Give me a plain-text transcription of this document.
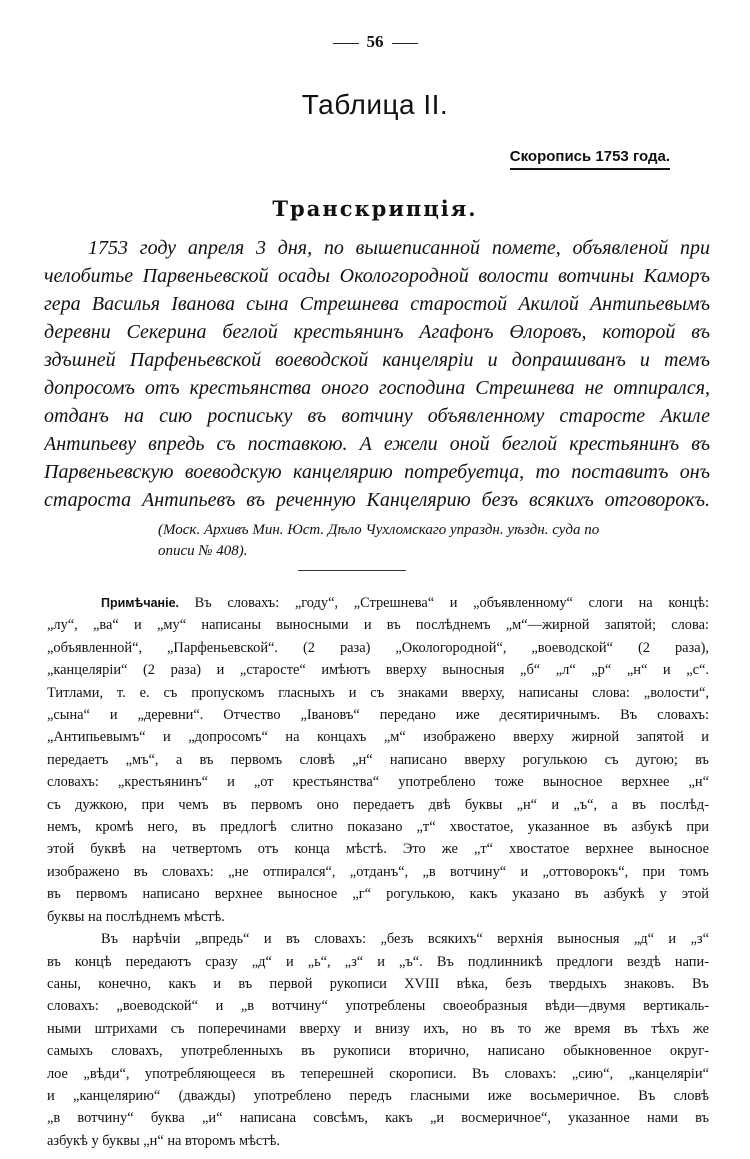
56
Таблица II.
Скоропись 1753 года.
Транскрипція.
1753 году апреля 3 дня, по вышеписанной помете, объявленой при
челобитье Парвеньевской осады Окологородной волости вотчины Каморъ
гера Василья Іванова сына Стрешнева старостой Акилой Антипьевымъ
деревни Секерина беглой крестьянинъ Агафонъ Өлоровъ, которой въ
здъшней Парфеньевской воеводской канцеляріи и допрашиванъ и темъ
допросомъ отъ крестьянства оного господина Стрешнева не отпирался,
отданъ на сию роспиську въ вотчину объявленному старосте Акиле
Антипьеву впредь съ поставкою. А ежели оной беглой крестьянинъ въ
Парвеньевскую воеводскую канцелярию потребуетца, то поставитъ онъ
староста Антипьевъ въ реченную Канцелярию безъ всякихъ отговорокъ.
(Моск. Архивъ Мин. Юст. Дѣло Чухломскаго упраздн. уѣздн. суда по
описи № 408).
Примѣчаніе. Въ словахъ: „году“, „Стрешнева“ и „объявленному“ слоги на концѣ:
„лу“, „ва“ и „му“ написаны выносными и въ послѣднемъ „м“—жирной запятой; слова:
„объявленной“, „Парфеньевской“. (2 раза) „Окологородной“, „воеводской“ (2 раза),
„канцеляріи“ (2 раза) и „старосте“ имѣютъ вверху выносныя „б“ „л“ „р“ „н“ и „с“.
Титлами, т. е. съ пропускомъ гласныхъ и съ знаками вверху, написаны слова: „волости“,
„сына“ и „деревни“. Отчество „Івановъ“ передано иже десятиричнымъ. Въ словахъ:
„Антипьевымъ“ и „допросомъ“ на концахъ „м“ изображено вверху жирной запятой и
передаетъ „мъ“, а въ первомъ словѣ „н“ написано вверху рогулькою съ дугою; въ
словахъ: „крестьянинъ“ и „от крестьянства“ употреблено тоже выносное верхнее „н“
съ дужкою, при чемъ въ первомъ оно передаетъ двѣ буквы „н“ и „ъ“, а въ послѣд-
немъ, кромѣ него, въ предлогѣ слитно показано „т“ хвостатое, указанное въ азбукѣ при
этой буквѣ на четвертомъ отъ конца мѣстѣ. Это же „т“ хвостатое верхнее выносное
изображено въ словахъ: „не отпирался“, „отданъ“, „в вотчину“ и „оттоворокъ“, при томъ
въ первомъ написано верхнее выносное „г“ рогулькою, какъ указано въ азбукѣ у этой
буквы на послѣднемъ мѣстѣ.
Въ нарѣчіи „впредь“ и въ словахъ: „безъ всякихъ“ верхнія выносныя „д“ и „з“
въ концѣ передаютъ сразу „д“ и „ь“, „з“ и „ъ“. Въ подлинникѣ предлоги вездѣ напи-
саны, конечно, какъ и въ первой рукописи XVIII вѣка, безъ твердыхъ знаковъ. Въ
словахъ: „воеводской“ и „в вотчину“ употреблены своеобразныя вѣди—двумя вертикаль-
ными штрихами съ поперечинами вверху и внизу ихъ, но въ то же время въ тѣхъ же
самыхъ словахъ, употребленныхъ въ рукописи вторично, написано обыкновенное округ-
лое „вѣди“, употребляющееся въ теперешней скорописи. Въ словахъ: „сию“, „канцеляріи“
и „канцелярию“ (дважды) употреблено передъ гласными иже восьмеричное. Въ словѣ
„в вотчину“ буква „и“ написана совсѣмъ, какъ „и восмеричное“, указанное нами въ
азбукѣ у буквы „н“ на второмъ мѣстѣ.
